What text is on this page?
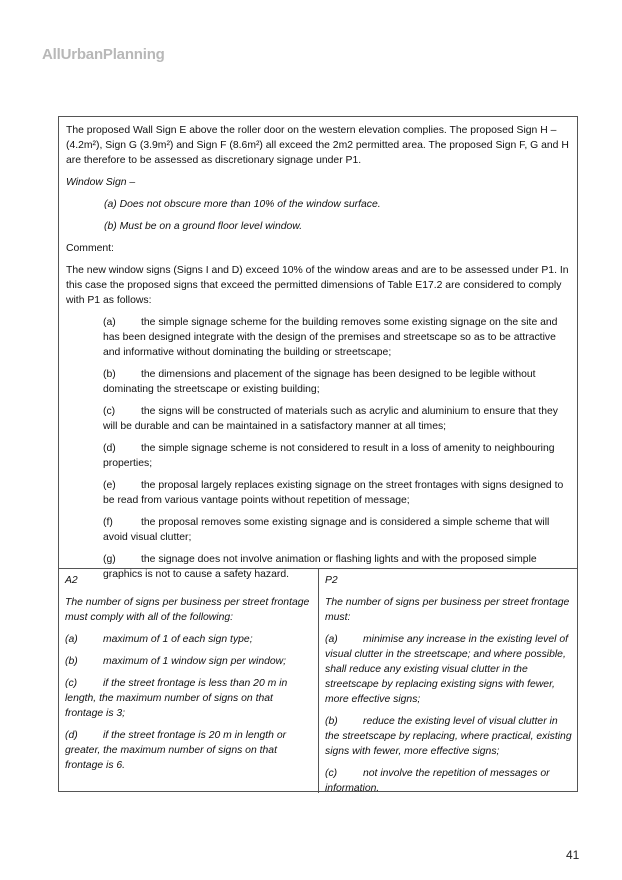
AllUrbanPlanning

The proposed Wall Sign E above the roller door on the western elevation complies. The proposed Sign H – (4.2m²), Sign G (3.9m²) and Sign F (8.6m²) all exceed the 2m2 permitted area. The proposed Sign F, G and H are therefore to be assessed as discretionary signage under P1.

Window Sign –

(a) Does not obscure more than 10% of the window surface.

(b) Must be on a ground floor level window.

Comment:

The new window signs (Signs I and D) exceed 10% of the window areas and are to be assessed under P1. In this case the proposed signs that exceed the permitted dimensions of Table E17.2 are considered to comply with P1 as follows:

(a) the simple signage scheme for the building removes some existing signage on the site and has been designed integrate with the design of the premises and streetscape so as to be attractive and informative without dominating the building or streetscape;
(b) the dimensions and placement of the signage has been designed to be legible without dominating the streetscape or existing building;
(c) the signs will be constructed of materials such as acrylic and aluminium to ensure that they will be durable and can be maintained in a satisfactory manner at all times;
(d) the simple signage scheme is not considered to result in a loss of amenity to neighbouring properties;
(e) the proposal largely replaces existing signage on the street frontages with signs designed to be read from various vantage points without repetition of message;
(f)	the proposal removes some existing signage and is considered a simple scheme that will avoid visual clutter;
(g) the signage does not involve animation or flashing lights and with the proposed simple graphics is not to cause a safety hazard.

A2

The number of signs per business per street frontage must comply with all of the following:

(a) maximum of 1 of each sign type;

(b) maximum of 1 window sign per window;

(c) if the street frontage is less than 20 m in length, the maximum number of signs on that frontage is 3;

(d) if the street frontage is 20 m in length or greater, the maximum number of signs on that frontage is 6.

P2

The number of signs per business per street frontage must:

(a) minimise any increase in the existing level of visual clutter in the streetscape; and where possible, shall reduce any existing visual clutter in the streetscape by replacing existing signs with fewer, more effective signs;

(b) reduce the existing level of visual clutter in the streetscape by replacing, where practical, existing signs with fewer, more effective signs;

(c) not involve the repetition of messages or information.

41
